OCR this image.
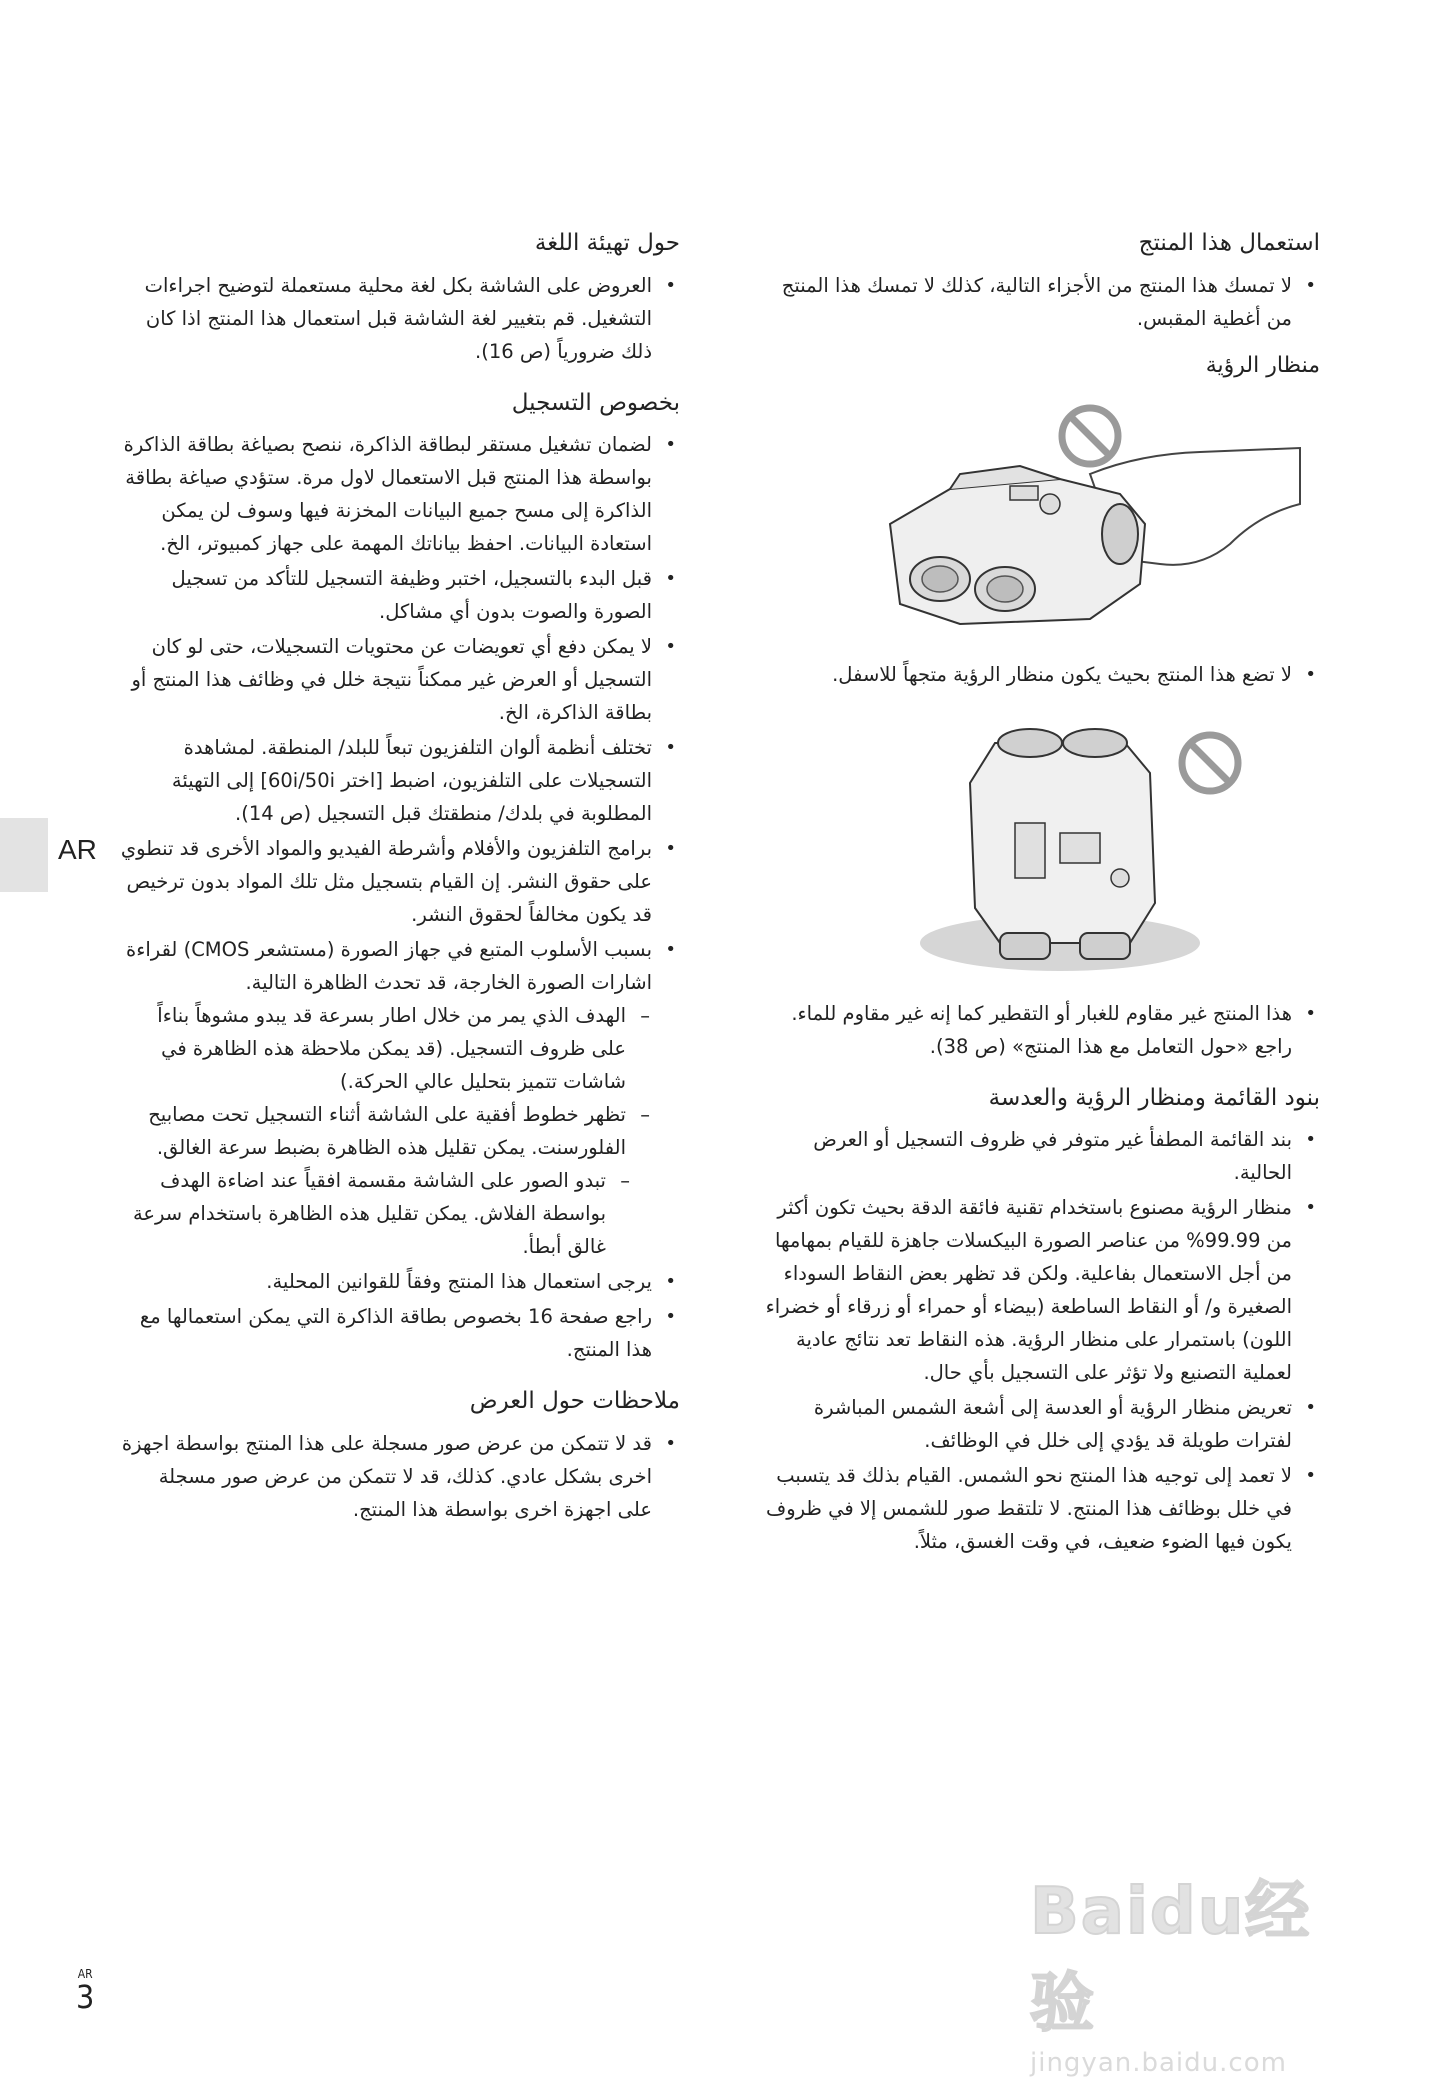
استعمال هذا المنتج
• لا تمسك هذا المنتج من الأجزاء التالية، كذلك لا تمسك هذا المنتج من أغطية المقبس.
منظار الرؤية
• لا تضع هذا المنتج بحيث يكون منظار الرؤية متجهاً للاسفل.
• هذا المنتج غير مقاوم للغبار أو التقطير كما إنه غير مقاوم للماء. راجع «حول التعامل مع هذا المنتج» (ص 38).
بنود القائمة ومنظار الرؤية والعدسة
• بند القائمة المطفأ غير متوفر في ظروف التسجيل أو العرض الحالية.
• منظار الرؤية مصنوع باستخدام تقنية فائقة الدقة بحيث تكون أكثر من 99.99% من عناصر الصورة البيكسلات جاهزة للقيام بمهامها من أجل الاستعمال بفاعلية. ولكن قد تظهر بعض النقاط السوداء الصغيرة و/ أو النقاط الساطعة (بيضاء أو حمراء أو زرقاء أو خضراء اللون) باستمرار على منظار الرؤية. هذه النقاط تعد نتائج عادية لعملية التصنيع ولا تؤثر على التسجيل بأي حال.
• تعريض منظار الرؤية أو العدسة إلى أشعة الشمس المباشرة لفترات طويلة قد يؤدي إلى خلل في الوظائف.
• لا تعمد إلى توجيه هذا المنتج نحو الشمس. القيام بذلك قد يتسبب في خلل بوظائف هذا المنتج. لا تلتقط صور للشمس إلا في ظروف يكون فيها الضوء ضعيف، في وقت الغسق، مثلاً.
حول تهيئة اللغة
• العروض على الشاشة بكل لغة محلية مستعملة لتوضيح اجراءات التشغيل. قم بتغيير لغة الشاشة قبل استعمال هذا المنتج اذا كان ذلك ضرورياً (ص 16).
بخصوص التسجيل
• لضمان تشغيل مستقر لبطاقة الذاكرة، ننصح بصياغة بطاقة الذاكرة بواسطة هذا المنتج قبل الاستعمال لاول مرة. ستؤدي صياغة بطاقة الذاكرة إلى مسح جميع البيانات المخزنة فيها وسوف لن يمكن استعادة البيانات. احفظ بياناتك المهمة على جهاز كمبيوتر، الخ.
• قبل البدء بالتسجيل، اختبر وظيفة التسجيل للتأكد من تسجيل الصورة والصوت بدون أي مشاكل.
• لا يمكن دفع أي تعويضات عن محتويات التسجيلات، حتى لو كان التسجيل أو العرض غير ممكناً نتيجة خلل في وظائف هذا المنتج أو بطاقة الذاكرة، الخ.
• تختلف أنظمة ألوان التلفزيون تبعاً للبلد/ المنطقة. لمشاهدة التسجيلات على التلفزيون، اضبط [اختر 60i/50i] إلى التهيئة المطلوبة في بلدك/ منطقتك قبل التسجيل (ص 14).
• برامج التلفزيون والأفلام وأشرطة الفيديو والمواد الأخرى قد تنطوي على حقوق النشر. إن القيام بتسجيل مثل تلك المواد بدون ترخيص قد يكون مخالفاً لحقوق النشر.
• بسبب الأسلوب المتبع في جهاز الصورة (مستشعر CMOS) لقراءة اشارات الصورة الخارجة، قد تحدث الظاهرة التالية.
– الهدف الذي يمر من خلال اطار بسرعة قد يبدو مشوهاً بناءاً على ظروف التسجيل. (قد يمكن ملاحظة هذه الظاهرة في شاشات تتميز بتحليل عالي الحركة.)
– تظهر خطوط أفقية على الشاشة أثناء التسجيل تحت مصابيح الفلورسنت. يمكن تقليل هذه الظاهرة بضبط سرعة الغالق.
– تبدو الصور على الشاشة مقسمة افقياً عند اضاءة الهدف بواسطة الفلاش. يمكن تقليل هذه الظاهرة باستخدام سرعة غالق أبطأ.
• يرجى استعمال هذا المنتج وفقاً للقوانين المحلية.
• راجع صفحة 16 بخصوص بطاقة الذاكرة التي يمكن استعمالها مع هذا المنتج.
ملاحظات حول العرض
• قد لا تتمكن من عرض صور مسجلة على هذا المنتج بواسطة اجهزة اخرى بشكل عادي. كذلك، قد لا تتمكن من عرض صور مسجلة على اجهزة اخرى بواسطة هذا المنتج.
AR
AR
3
Baidu经验
jingyan.baidu.com
